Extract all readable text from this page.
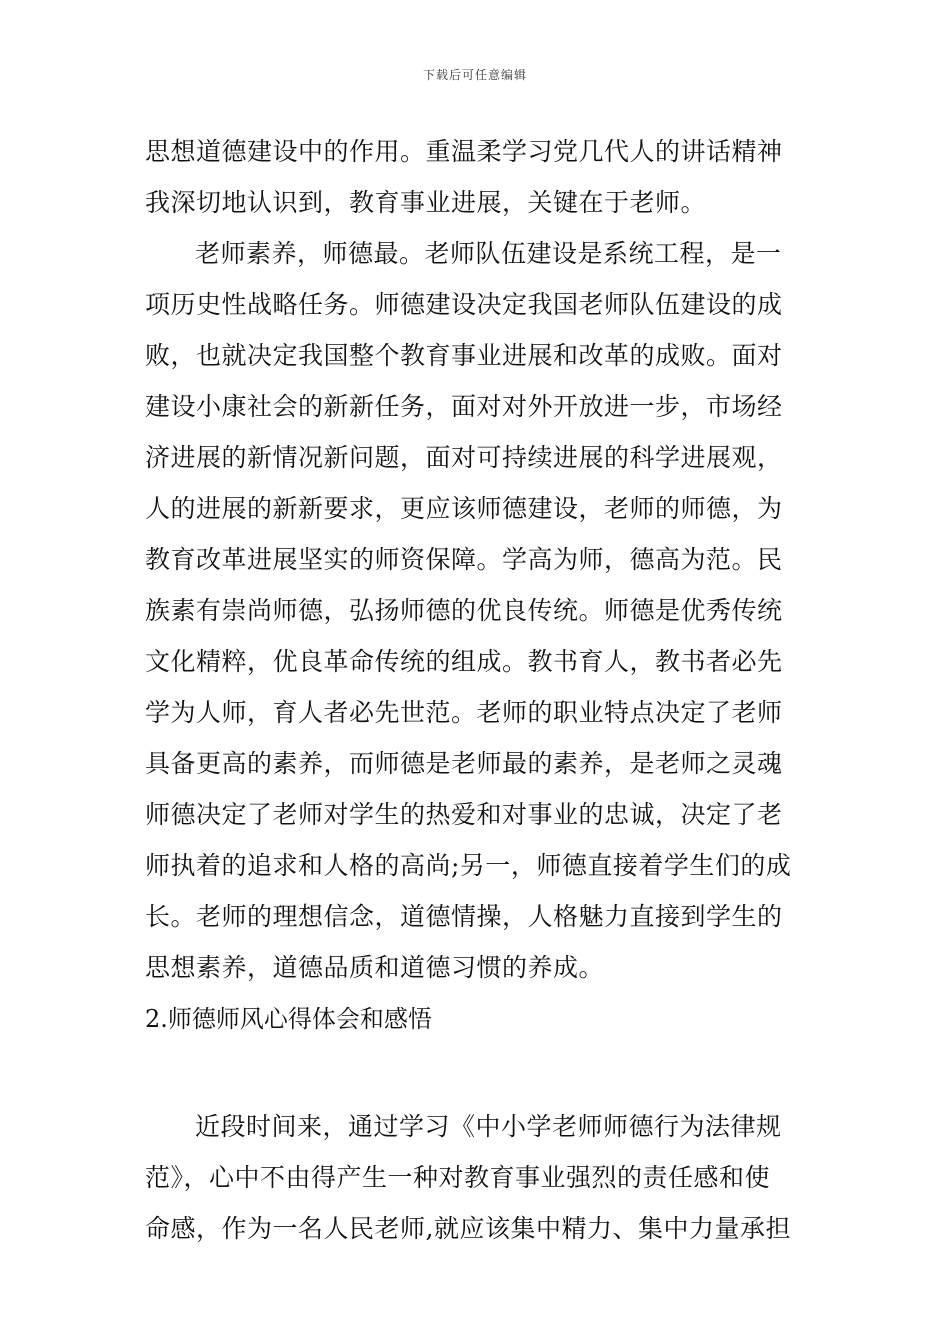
下载后可任意编辑
思想道德建设中的作用。重温柔学习党几代人的讲话精神
我深切地认识到，教育事业进展，关键在于老师。
老师素养，师德最。老师队伍建设是系统工程，是一
项历史性战略任务。师德建设决定我国老师队伍建设的成
败，也就决定我国整个教育事业进展和改革的成败。面对
建设小康社会的新新任务，面对对外开放进一步，市场经
济进展的新情况新问题，面对可持续进展的科学进展观，
人的进展的新新要求，更应该师德建设，老师的师德，为
教育改革进展坚实的师资保障。学高为师，德高为范。民
族素有崇尚师德，弘扬师德的优良传统。师德是优秀传统
文化精粹，优良革命传统的组成。教书育人，教书者必先
学为人师，育人者必先世范。老师的职业特点决定了老师
具备更高的素养，而师德是老师最的素养，是老师之灵魂
师德决定了老师对学生的热爱和对事业的忠诚，决定了老
师执着的追求和人格的高尚;另一，师德直接着学生们的成
长。老师的理想信念，道德情操，人格魅力直接到学生的
思想素养，道德品质和道德习惯的养成。
2.师德师风心得体会和感悟
近段时间来，通过学习《中小学老师师德行为法律规
范》，心中不由得产生一种对教育事业强烈的责任感和使
命感，作为一名人民老师,就应该集中精力、集中力量承担
